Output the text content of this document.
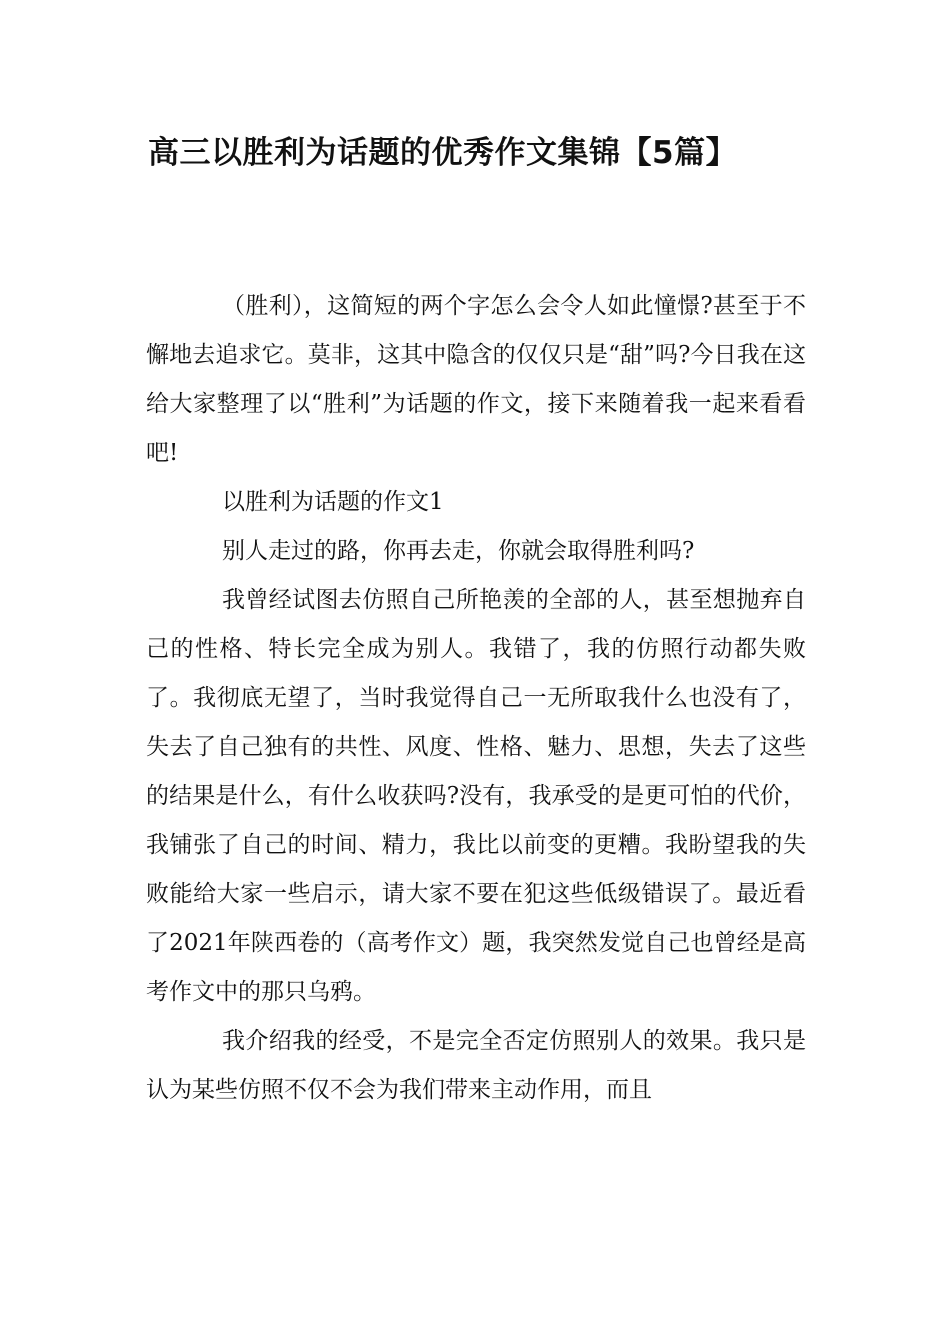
高三以胜利为话题的优秀作文集锦【5篇】

（胜利），这简短的两个字怎么会令人如此憧憬?甚至于不懈地去追求它。莫非，这其中隐含的仅仅只是“甜”吗?今日我在这给大家整理了以“胜利”为话题的作文，接下来随着我一起来看看吧!

以胜利为话题的作文1

别人走过的路，你再去走，你就会取得胜利吗?

我曾经试图去仿照自己所艳羡的全部的人，甚至想抛弃自己的性格、特长完全成为别人。我错了，我的仿照行动都失败了。我彻底无望了，当时我觉得自己一无所取我什么也没有了，失去了自己独有的共性、风度、性格、魅力、思想，失去了这些的结果是什么，有什么收获吗?没有，我承受的是更可怕的代价，我铺张了自己的时间、精力，我比以前变的更糟。我盼望我的失败能给大家一些启示，请大家不要在犯这些低级错误了。最近看了2021年陕西卷的（高考作文）题，我突然发觉自己也曾经是高考作文中的那只乌鸦。

我介绍我的经受，不是完全否定仿照别人的效果。我只是认为某些仿照不仅不会为我们带来主动作用，而且
